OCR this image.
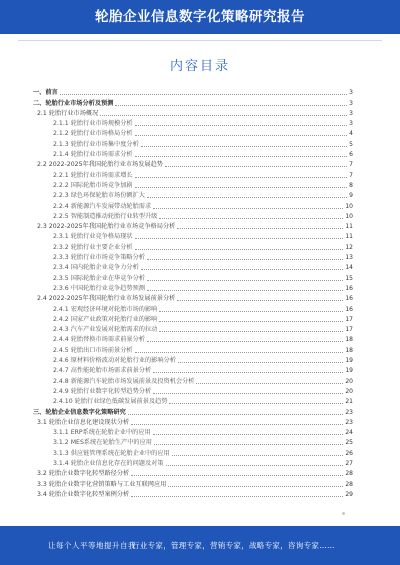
轮胎企业信息数字化策略研究报告
内容目录
一、前言	3
二、轮胎行业市场分析及预测	3
2.1 轮胎行业市场概况	3
2.1.1 轮胎行业市场规模分析	3
2.1.2 轮胎行业市场格局分析	4
2.1.3 轮胎行业市场集中度分析	5
2.1.4 轮胎行业市场需求分析	6
2.2 2022-2025年我国轮胎行业市场发展趋势	7
2.2.1 轮胎行业市场需求增长	7
2.2.2 国际轮胎市场竞争加剧	8
2.2.3 绿色环保轮胎市场份额扩大	9
2.2.4 新能源汽车发展带动轮胎需求	10
2.2.5 智能制造推动轮胎行业转型升级	10
2.3 2022-2025年我国轮胎行业市场竞争格局分析	11
2.3.1 轮胎行业竞争格局现状	11
2.3.2 轮胎行业主要企业分析	12
2.3.3 轮胎行业市场竞争策略分析	13
2.3.4 国内轮胎企业竞争力分析	14
2.3.5 国际轮胎企业在华竞争分析	15
2.3.6 中国轮胎行业竞争趋势预测	16
2.4 2022-2025年我国轮胎行业市场发展前景分析	16
2.4.1 宏观经济环境对轮胎市场的影响	16
2.4.2 国家产业政策对轮胎行业的影响	17
2.4.3 汽车产业发展对轮胎需求的拉动	17
2.4.4 轮胎替换市场需求前景分析	18
2.4.5 轮胎出口市场前景分析	18
2.4.6 原材料价格波动对轮胎行业的影响分析	19
2.4.7 高性能轮胎市场需求前景分析	19
2.4.8 新能源汽车轮胎市场发展前景及投资机会分析	20
2.4.9 轮胎行业数字化转型趋势分析	20
2.4.10 轮胎行业绿色低碳发展前景及趋势	21
三、轮胎企业信息数字化策略研究	23
3.1 轮胎企业信息化建设现状分析	23
3.1.1 ERP系统在轮胎企业中的应用	24
3.1.2 MES系统在轮胎生产中的应用	25
3.1.3 供应链管理系统在轮胎企业中的应用	26
3.1.4 轮胎企业信息化存在的问题及对策	27
3.2 轮胎企业数字化转型路径分析	28
3.3 轮胎企业数字化营销策略与工业互联网应用	28
3.4 轮胎企业数字化转型案例分析	29
让每个人平等地提升自我
行业专家，管理专家，营销专家，战略专家，咨询专家……
